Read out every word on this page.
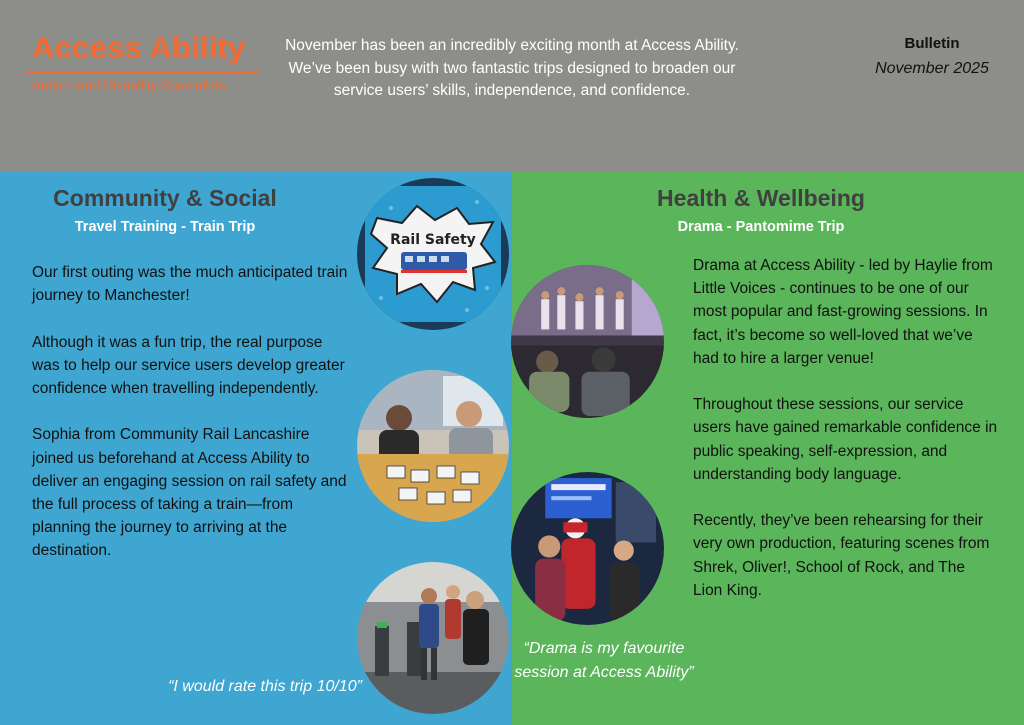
Access Ability
Autism and Disability Specialists

November has been an incredibly exciting month at Access Ability.

We’ve been busy with two fantastic trips designed to broaden our service users’ skills, independence, and confidence.

Bulletin
November 2025
Community & Social
Travel Training - Train Trip

Our first outing was the much anticipated train journey to Manchester!

Although it was a fun trip, the real purpose was to help our service users develop greater confidence when travelling independently.

Sophia from Community Rail Lancashire joined us beforehand at Access Ability to deliver an engaging session on rail safety and the full process of taking a train—from planning the journey to arriving at the destination.

“I would rate this trip 10/10”
Health & Wellbeing
Drama - Pantomime Trip

Drama at Access Ability - led by Haylie from Little Voices - continues to be one of our most popular and fast-growing sessions. In fact, it’s become so well-loved that we’ve had to hire a larger venue!

Throughout these sessions, our service users have gained remarkable confidence in public speaking, self-expression, and understanding body language.

Recently, they’ve been rehearsing for their very own production, featuring scenes from Shrek, Oliver!, School of Rock, and The Lion King.

“Drama is my favourite session at Access Ability”
Rail Safety
